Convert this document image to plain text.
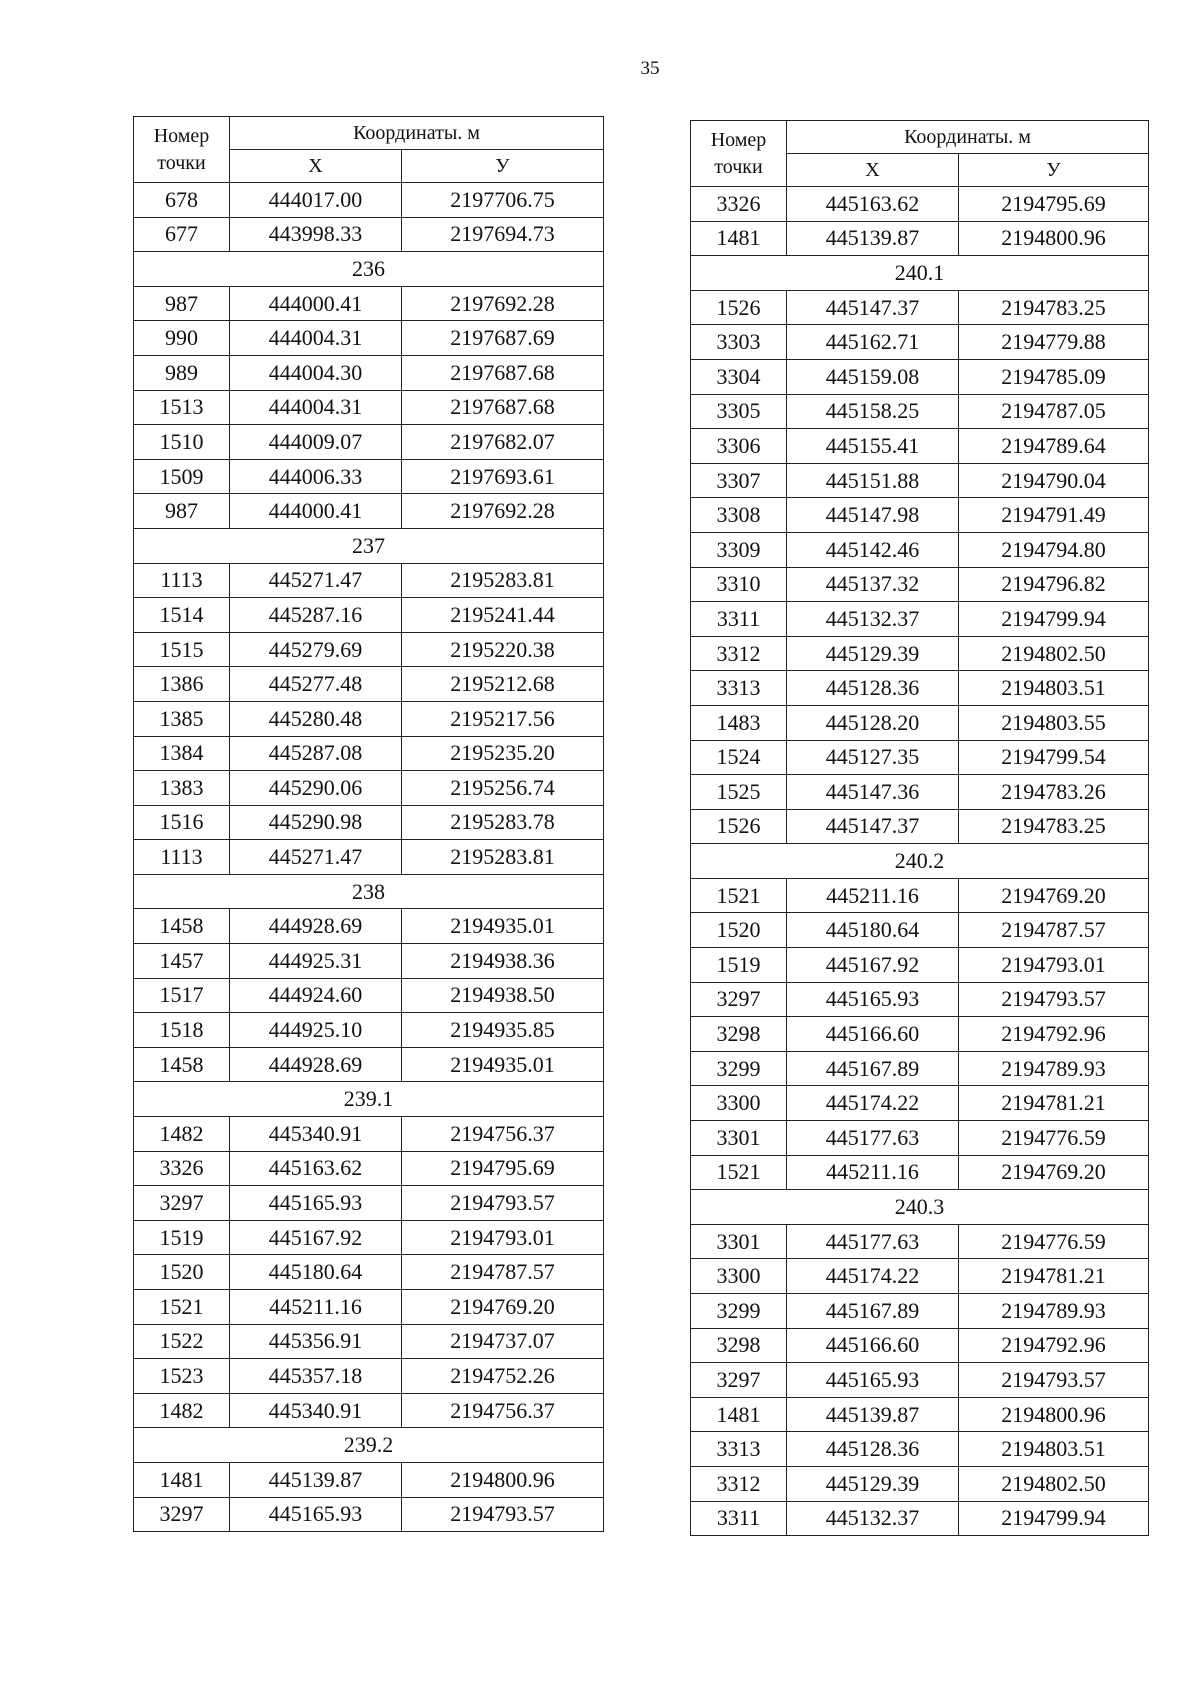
35
Номер точки	Координаты. м	
	X	У
678	444017.00	2197706.75
677	443998.33	2197694.73
236		
987	444000.41	2197692.28
990	444004.31	2197687.69
989	444004.30	2197687.68
1513	444004.31	2197687.68
1510	444009.07	2197682.07
1509	444006.33	2197693.61
987	444000.41	2197692.28
237		
1113	445271.47	2195283.81
1514	445287.16	2195241.44
1515	445279.69	2195220.38
1386	445277.48	2195212.68
1385	445280.48	2195217.56
1384	445287.08	2195235.20
1383	445290.06	2195256.74
1516	445290.98	2195283.78
1113	445271.47	2195283.81
238		
1458	444928.69	2194935.01
1457	444925.31	2194938.36
1517	444924.60	2194938.50
1518	444925.10	2194935.85
1458	444928.69	2194935.01
239.1		
1482	445340.91	2194756.37
3326	445163.62	2194795.69
3297	445165.93	2194793.57
1519	445167.92	2194793.01
1520	445180.64	2194787.57
1521	445211.16	2194769.20
1522	445356.91	2194737.07
1523	445357.18	2194752.26
1482	445340.91	2194756.37
239.2		
1481	445139.87	2194800.96
3297	445165.93	2194793.57
Номер точки	Координаты. м	
	X	У
3326	445163.62	2194795.69
1481	445139.87	2194800.96
240.1		
1526	445147.37	2194783.25
3303	445162.71	2194779.88
3304	445159.08	2194785.09
3305	445158.25	2194787.05
3306	445155.41	2194789.64
3307	445151.88	2194790.04
3308	445147.98	2194791.49
3309	445142.46	2194794.80
3310	445137.32	2194796.82
3311	445132.37	2194799.94
3312	445129.39	2194802.50
3313	445128.36	2194803.51
1483	445128.20	2194803.55
1524	445127.35	2194799.54
1525	445147.36	2194783.26
1526	445147.37	2194783.25
240.2		
1521	445211.16	2194769.20
1520	445180.64	2194787.57
1519	445167.92	2194793.01
3297	445165.93	2194793.57
3298	445166.60	2194792.96
3299	445167.89	2194789.93
3300	445174.22	2194781.21
3301	445177.63	2194776.59
1521	445211.16	2194769.20
240.3		
3301	445177.63	2194776.59
3300	445174.22	2194781.21
3299	445167.89	2194789.93
3298	445166.60	2194792.96
3297	445165.93	2194793.57
1481	445139.87	2194800.96
3313	445128.36	2194803.51
3312	445129.39	2194802.50
3311	445132.37	2194799.94
